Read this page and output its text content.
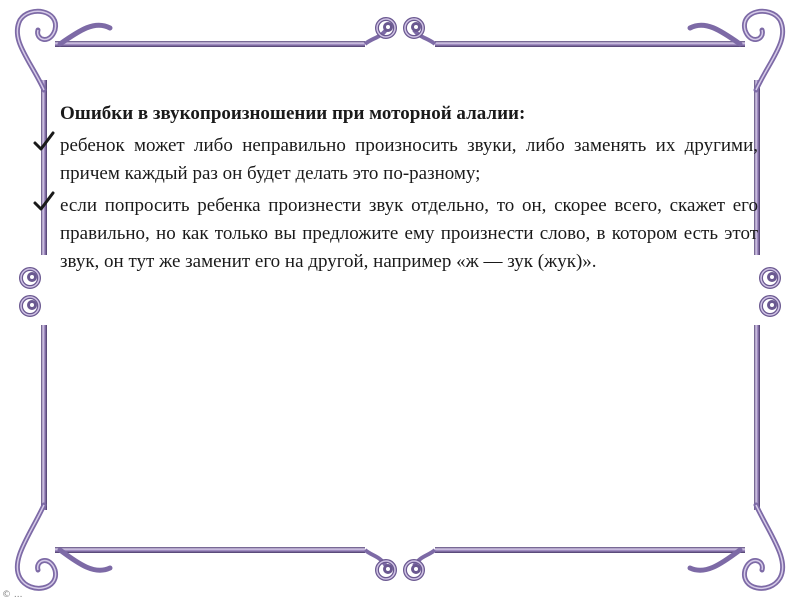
Ошибки в звукопроизношении при моторной алалии:
ребенок может либо неправильно произносить звуки, либо заменять их другими, причем каждый раз он будет делать это по-разному;
если попросить ребенка произнести звук отдельно, то он, скорее всего, скажет его правильно, но как только вы предложите ему произнести слово, в котором есть этот звук, он тут же заменит его на другой, например «ж — зук (жук)».
© ...
